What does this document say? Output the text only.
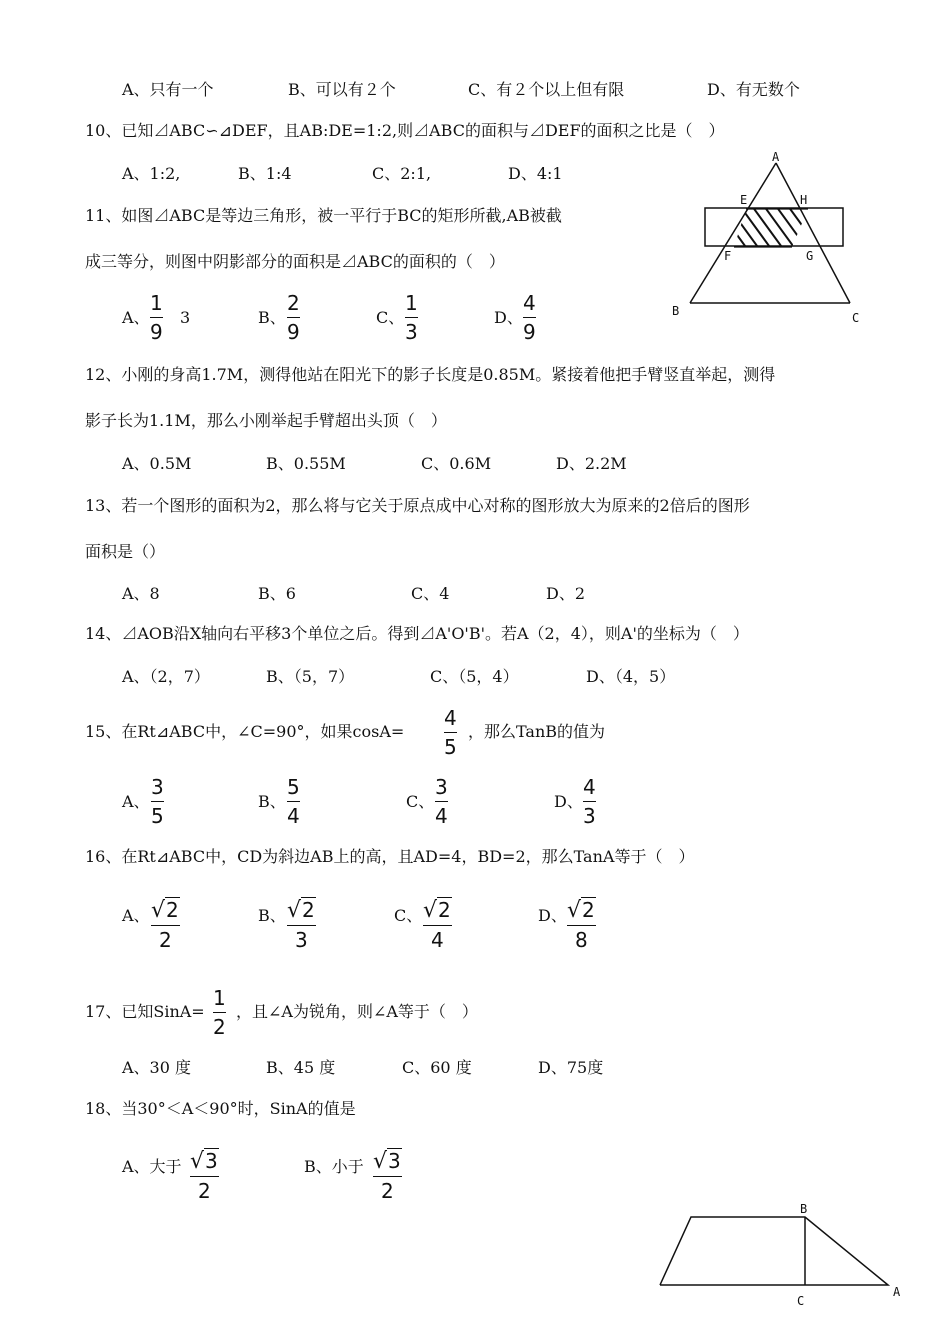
A、只有一个	B、可以有２个	C、有２个以上但有限	D、有无数个
10、已知⊿ABC∽⊿DEF，且AB:DE=1:2,则⊿ABC的面积与⊿DEF的面积之比是（　）
A、1:2,	B、1:4	C、2:1,	D、4:1
11、如图⊿ABC是等边三角形，被一平行于BC的矩形所截,AB被截
成三等分，则图中阴影部分的面积是⊿ABC的面积的（　）
A、
1
9
3	B、
2
9
C、
1
3
D、
4
9
A
E	H
F	G
B	C
12、小刚的身高1.7M，测得他站在阳光下的影子长度是0.85M。紧接着他把手臂竖直举起，测得
影子长为1.1M，那么小刚举起手臂超出头顶（　）
A、0.5M	B、0.55M	C、0.6M	D、2.2M
13、若一个图形的面积为2，那么将与它关于原点成中心对称的图形放大为原来的2倍后的图形
面积是（）
A、8	B、6	C、4	D、2
14、⊿AOB沿X轴向右平移3个单位之后。得到⊿A'O'B'。若A（2，4），则A'的坐标为（　）
A、（2，7）	B、（5，7）	C、（5，4）	D、（4，5）
15、在Rt⊿ABC中，∠C=90°，如果cosA=
4
5
，那么TanB的值为
A、
3
5
B、
5
4
C、
3
4
D、
4
3
16、在Rt⊿ABC中，CD为斜边AB上的高，且AD=4，BD=2，那么TanA等于（　）
A、 √2
2
B、 √2
3
C、 √2
4
D、 √2
8
17、已知SinA=
1
2
，且∠A为锐角，则∠A等于（　）
A、30 度	B、45 度	C、60 度	D、75度
18、当30°＜A＜90°时，SinA的值是
A、大于 √3
2
B、小于 √3
2
B
C
A
